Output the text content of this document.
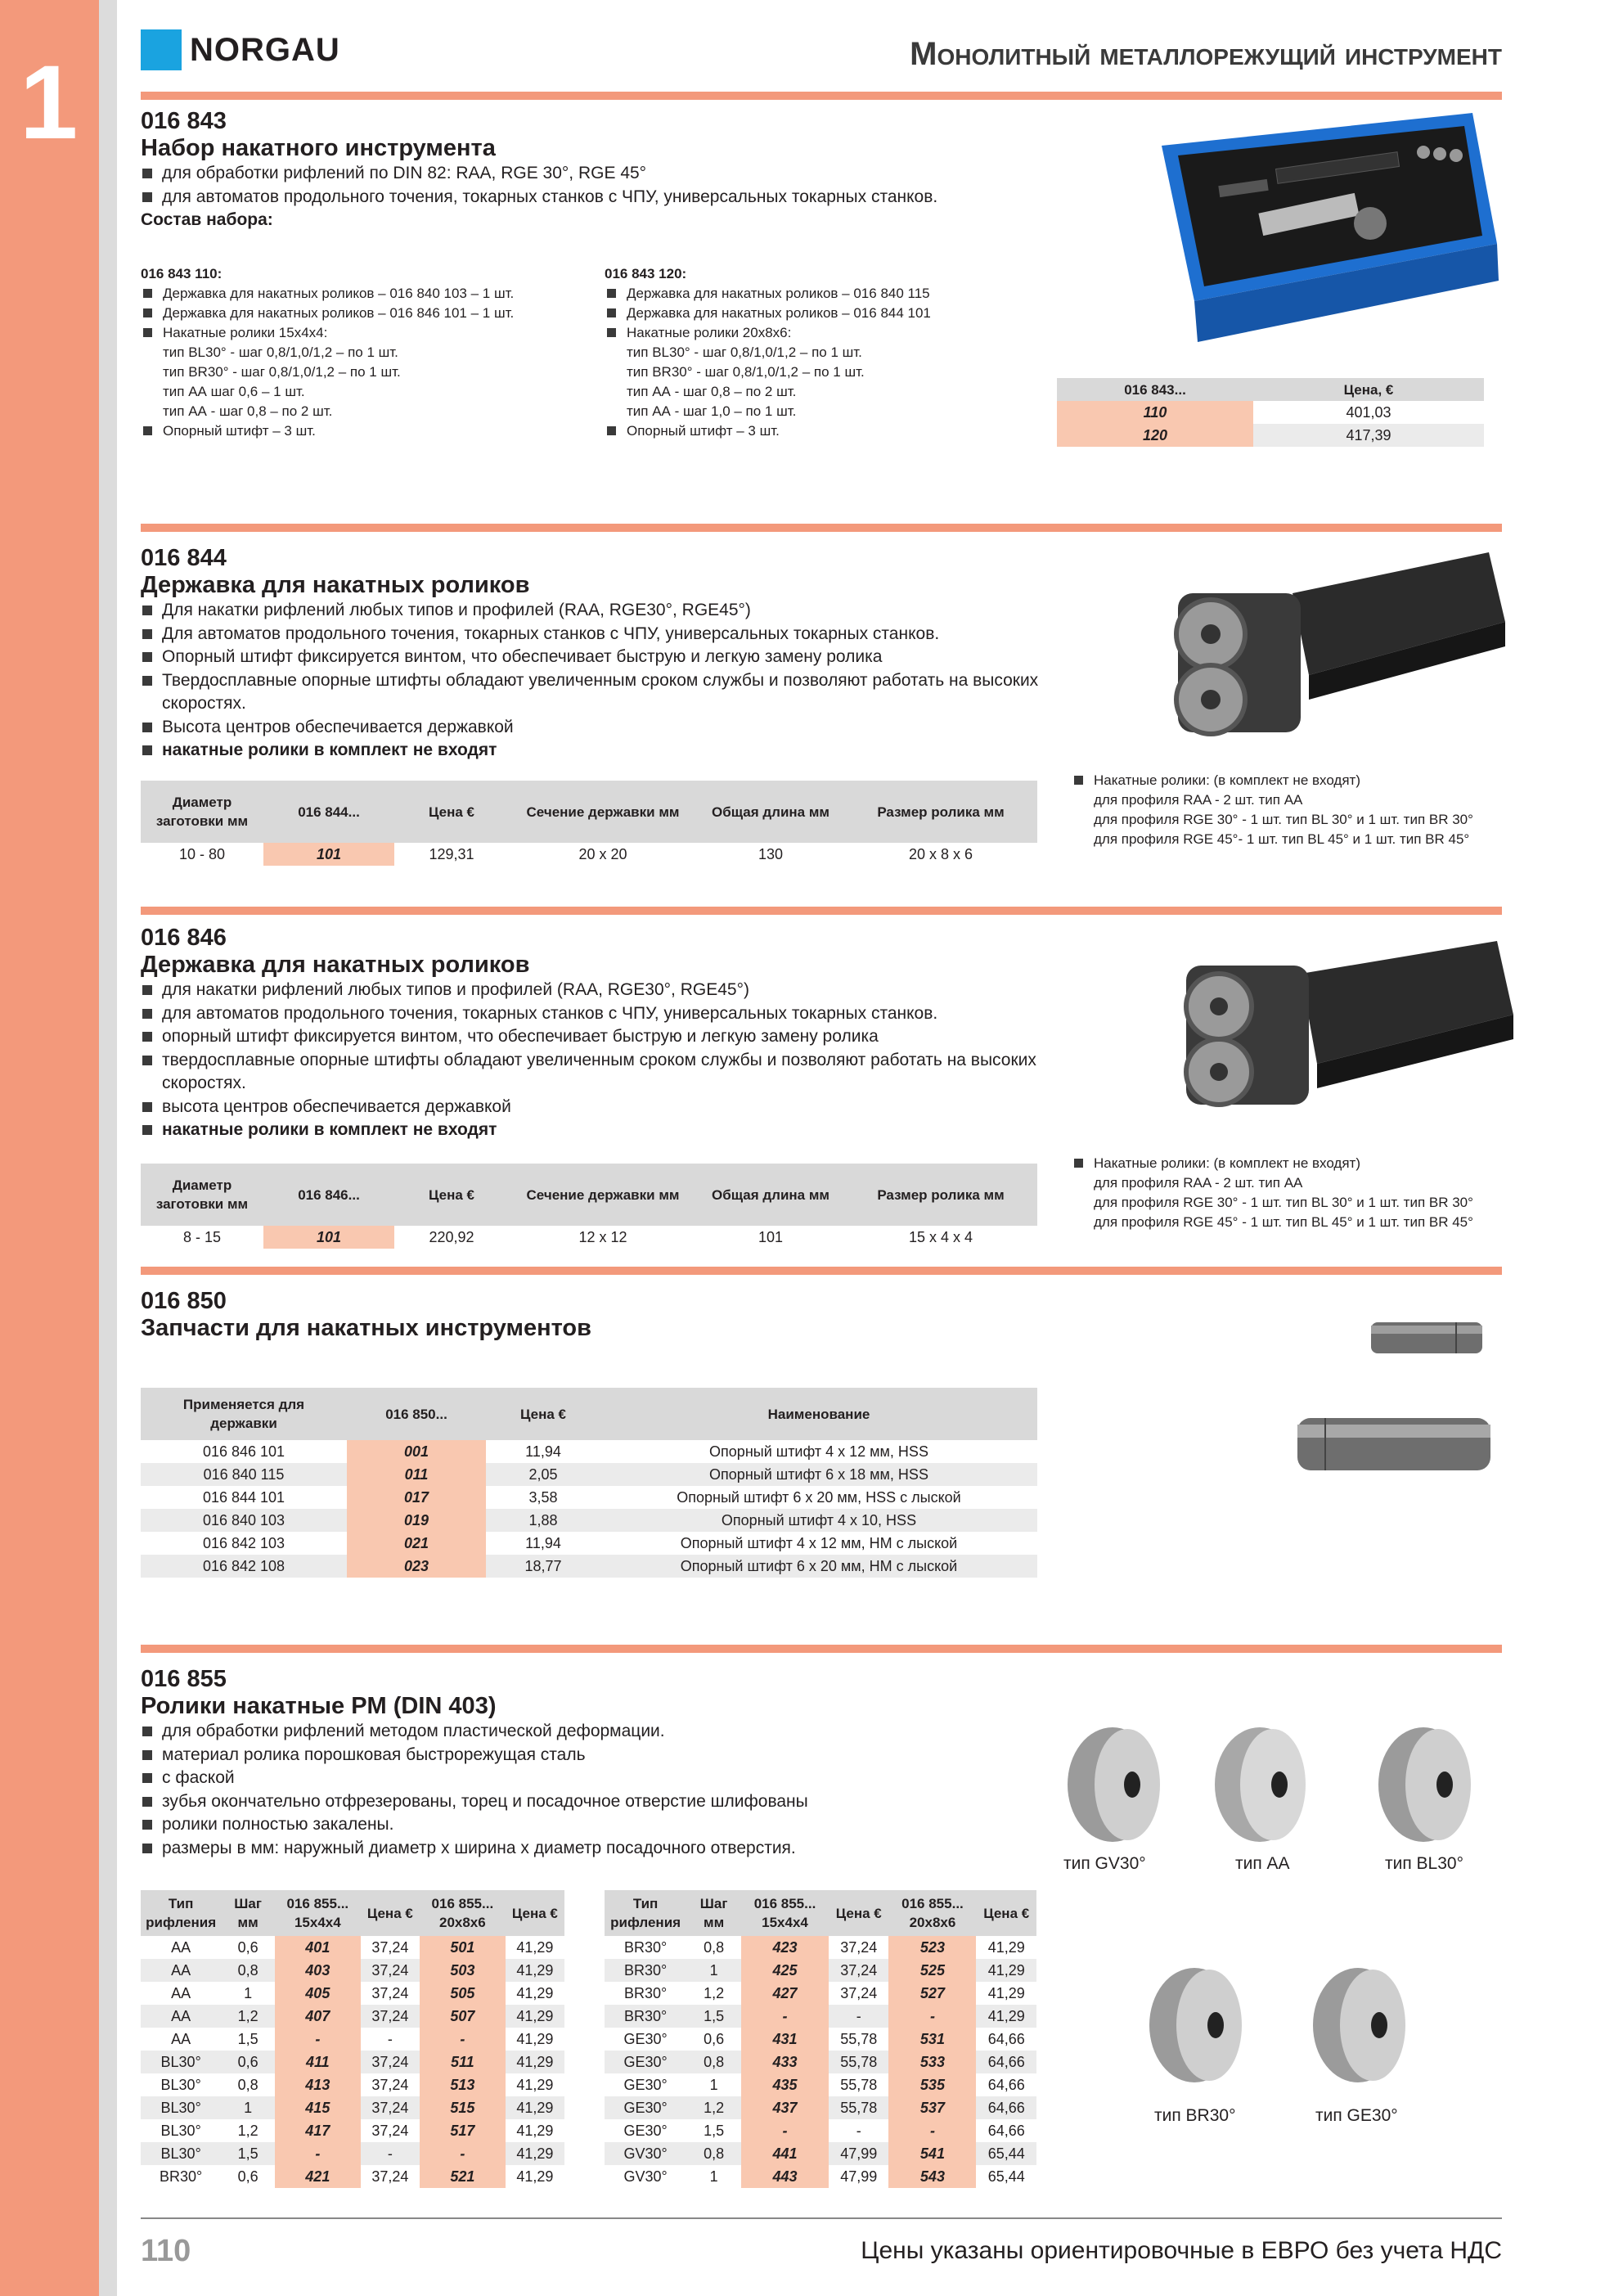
1	NORGAU	Монолитный металлорежущий инструмент
016 843
Набор накатного инструмента
для обработки рифлений по DIN 82: RAA, RGE 30°, RGE 45°
для автоматов продольного точения, токарных станков с ЧПУ, универсальных токарных станков.
Состав набора:
016 843 110:
Державка для накатных роликов – 016 840 103 – 1 шт.
Державка для накатных роликов – 016 846 101 – 1 шт.
Накатные ролики 15x4x4:
тип BL30° - шаг 0,8/1,0/1,2 – по 1 шт.
тип BR30° - шаг 0,8/1,0/1,2 – по 1 шт.
тип АА шаг 0,6 – 1 шт.
тип АА - шаг 0,8 – по 2 шт.
Опорный штифт – 3 шт.
016 843 120:
Державка для накатных роликов – 016 840 115
Державка для накатных роликов – 016 844 101
Накатные ролики 20x8x6:
тип BL30° - шаг 0,8/1,0/1,2 – по 1 шт.
тип BR30° - шаг 0,8/1,0/1,2 – по 1 шт.
тип АА - шаг 0,8 – по 2 шт.
тип АА - шаг 1,0 – по 1 шт.
Опорный штифт – 3 шт.
016 843...	Цена, €
110	401,03
120	417,39
016 844
Державка для накатных роликов
Для накатки рифлений любых типов и профилей (RAA, RGE30°, RGE45°)
Для автоматов продольного точения, токарных станков с ЧПУ, универсальных токарных станков.
Опорный штифт фиксируется винтом, что обеспечивает быструю и легкую замену ролика
Твердосплавные опорные штифты обладают увеличенным сроком службы и позволяют работать на высоких скоростях.
Высота центров обеспечивается державкой
накатные ролики в комплект не входят
Диаметр заготовки мм	016 844...	Цена €	Сечение державки мм	Общая длина мм	Размер ролика мм
10 - 80	101	129,31	20 x 20	130	20 x 8 x 6
Накатные ролики: (в комплект не входят)
для профиля RAA - 2 шт. тип АА
для профиля RGE 30° - 1 шт. тип BL 30° и 1 шт. тип BR 30°
для профиля RGE 45°- 1 шт. тип BL 45° и 1 шт. тип BR 45°
016 846
Державка для накатных роликов
для накатки рифлений любых типов и профилей (RAA, RGE30°, RGE45°)
для автоматов продольного точения, токарных станков с ЧПУ, универсальных токарных станков.
опорный штифт фиксируется винтом, что обеспечивает быструю и легкую замену ролика
твердосплавные опорные штифты обладают увеличенным сроком службы и позволяют работать на высоких скоростях.
высота центров обеспечивается державкой
накатные ролики в комплект не входят
Диаметр заготовки мм	016 846...	Цена €	Сечение державки мм	Общая длина мм	Размер ролика мм
8 - 15	101	220,92	12 x 12	101	15 x 4 x 4
Накатные ролики: (в комплект не входят)
для профиля RAA - 2 шт. тип АА
для профиля RGE 30° - 1 шт. тип BL 30° и 1 шт. тип BR 30°
для профиля RGE 45° - 1 шт. тип BL 45° и 1 шт. тип BR 45°
016 850
Запчасти для накатных инструментов
Применяется для державки	016 850...	Цена €	Наименование
016 846 101	001	11,94	Опорный штифт 4 x 12 мм, HSS
016 840 115	011	2,05	Опорный штифт 6 x 18 мм, HSS
016 844 101	017	3,58	Опорный штифт 6 x 20 мм, HSS с лыской
016 840 103	019	1,88	Опорный штифт 4 x 10, HSS
016 842 103	021	11,94	Опорный штифт 4 x 12 мм, HM с лыской
016 842 108	023	18,77	Опорный штифт 6 x 20 мм, HM с лыской
016 855
Ролики накатные PM (DIN 403)
для обработки рифлений методом пластической деформации.
материал ролика порошковая быстрорежущая сталь
с фаской
зубья окончательно отфрезерованы, торец и посадочное отверстие шлифованы
ролики полностью закалены.
размеры в мм: наружный диаметр x ширина x диаметр посадочного отверстия.
тип GV30°	тип AA	тип BL30°
тип BR30°	тип GE30°
Тип рифления	Шаг мм	016 855... 15x4x4	Цена €	016 855... 20x8x6	Цена €
АА	0,6	401	37,24	501	41,29
АА	0,8	403	37,24	503	41,29
АА	1	405	37,24	505	41,29
АА	1,2	407	37,24	507	41,29
АА	1,5	-	-	-	41,29
BL30°	0,6	411	37,24	511	41,29
BL30°	0,8	413	37,24	513	41,29
BL30°	1	415	37,24	515	41,29
BL30°	1,2	417	37,24	517	41,29
BL30°	1,5	-	-	-	41,29
BR30°	0,6	421	37,24	521	41,29
Тип рифления	Шаг мм	016 855... 15x4x4	Цена €	016 855... 20x8x6	Цена €
BR30°	0,8	423	37,24	523	41,29
BR30°	1	425	37,24	525	41,29
BR30°	1,2	427	37,24	527	41,29
BR30°	1,5	-	-	-	41,29
GE30°	0,6	431	55,78	531	64,66
GE30°	0,8	433	55,78	533	64,66
GE30°	1	435	55,78	535	64,66
GE30°	1,2	437	55,78	537	64,66
GE30°	1,5	-	-	-	64,66
GV30°	0,8	441	47,99	541	65,44
GV30°	1	443	47,99	543	65,44
110	Цены указаны ориентировочные в ЕВРО без учета НДС
